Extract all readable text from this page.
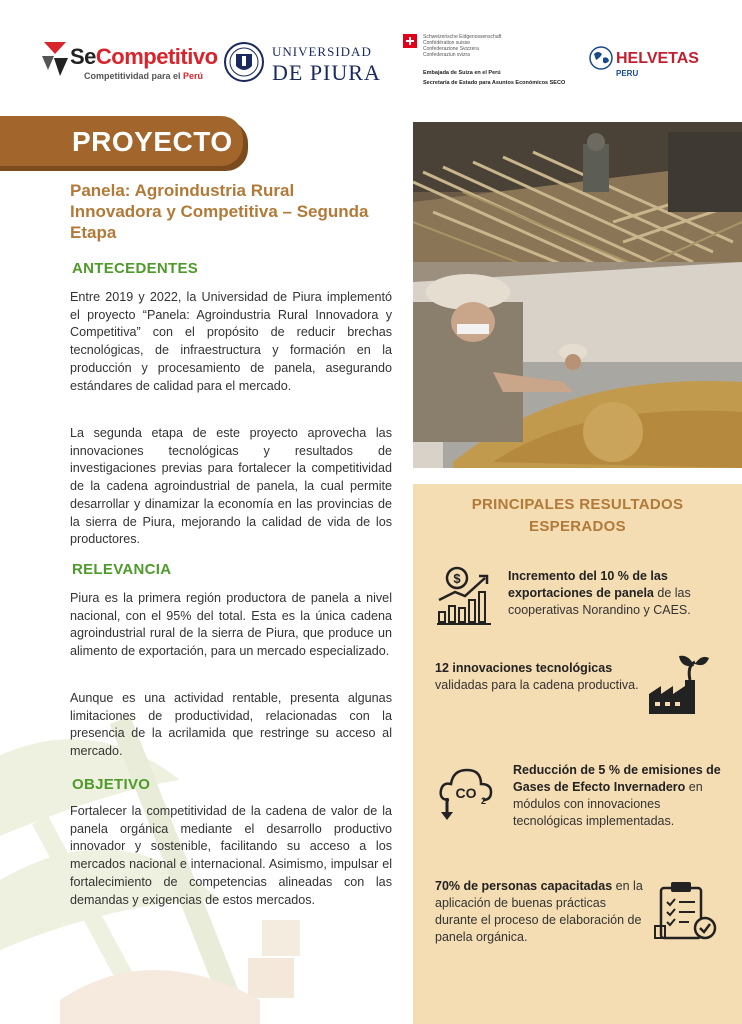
SeCompetitivo
Competitividad para el Perú
UNIVERSIDAD
DE PIURA
Schweizerische Eidgenossenschaft
Confédération suisse
Confederazione Svizzera
Confederaziun svizra
Embajada de Suiza en el Perú
Secretaría de Estado para Asuntos Económicos SECO
HELVETAS
PERU
PROYECTO
Panela: Agroindustria Rural Innovadora y Competitiva – Segunda Etapa
ANTECEDENTES
Entre 2019 y 2022, la Universidad de Piura implementó el proyecto “Panela: Agroindustria Rural Innovadora y Competitiva” con el propósito de reducir brechas tecnológicas, de infraestructura y formación en la producción y procesamiento de panela, asegurando estándares de calidad para el mercado.
La segunda etapa de este proyecto aprovecha las innovaciones tecnológicas y resultados de investigaciones previas para fortalecer la competitividad de la cadena agroindustrial de panela, la cual permite desarrollar y dinamizar la economía en las provincias de la sierra de Piura, mejorando la calidad de vida de los productores.
RELEVANCIA
Piura es la primera región productora de panela a nivel nacional, con el 95% del total. Esta es la única cadena agroindustrial rural de la sierra de Piura, que produce un alimento de exportación, para un mercado especializado.
Aunque es una actividad rentable, presenta algunas limitaciones de productividad, relacionadas con la presencia de la acrilamida que restringe su acceso al mercado.
OBJETIVO
Fortalecer la competitividad de la cadena de valor de la panela orgánica mediante el desarrollo productivo innovador y sostenible, facilitando su acceso a los mercados nacional e internacional. Asimismo, impulsar el fortalecimiento de competencias alineadas con las demandas y exigencias de estos mercados.
PRINCIPALES RESULTADOS
ESPERADOS
$	Incremento del 10 % de las exportaciones de panela de las cooperativas Norandino y CAES.
12 innovaciones tecnológicas validadas para la cadena productiva.
CO 2
Reducción de 5 % de emisiones de Gases de Efecto Invernadero en módulos con innovaciones tecnológicas implementadas.
70% de personas capacitadas en la aplicación de buenas prácticas durante el proceso de elaboración de panela orgánica.
